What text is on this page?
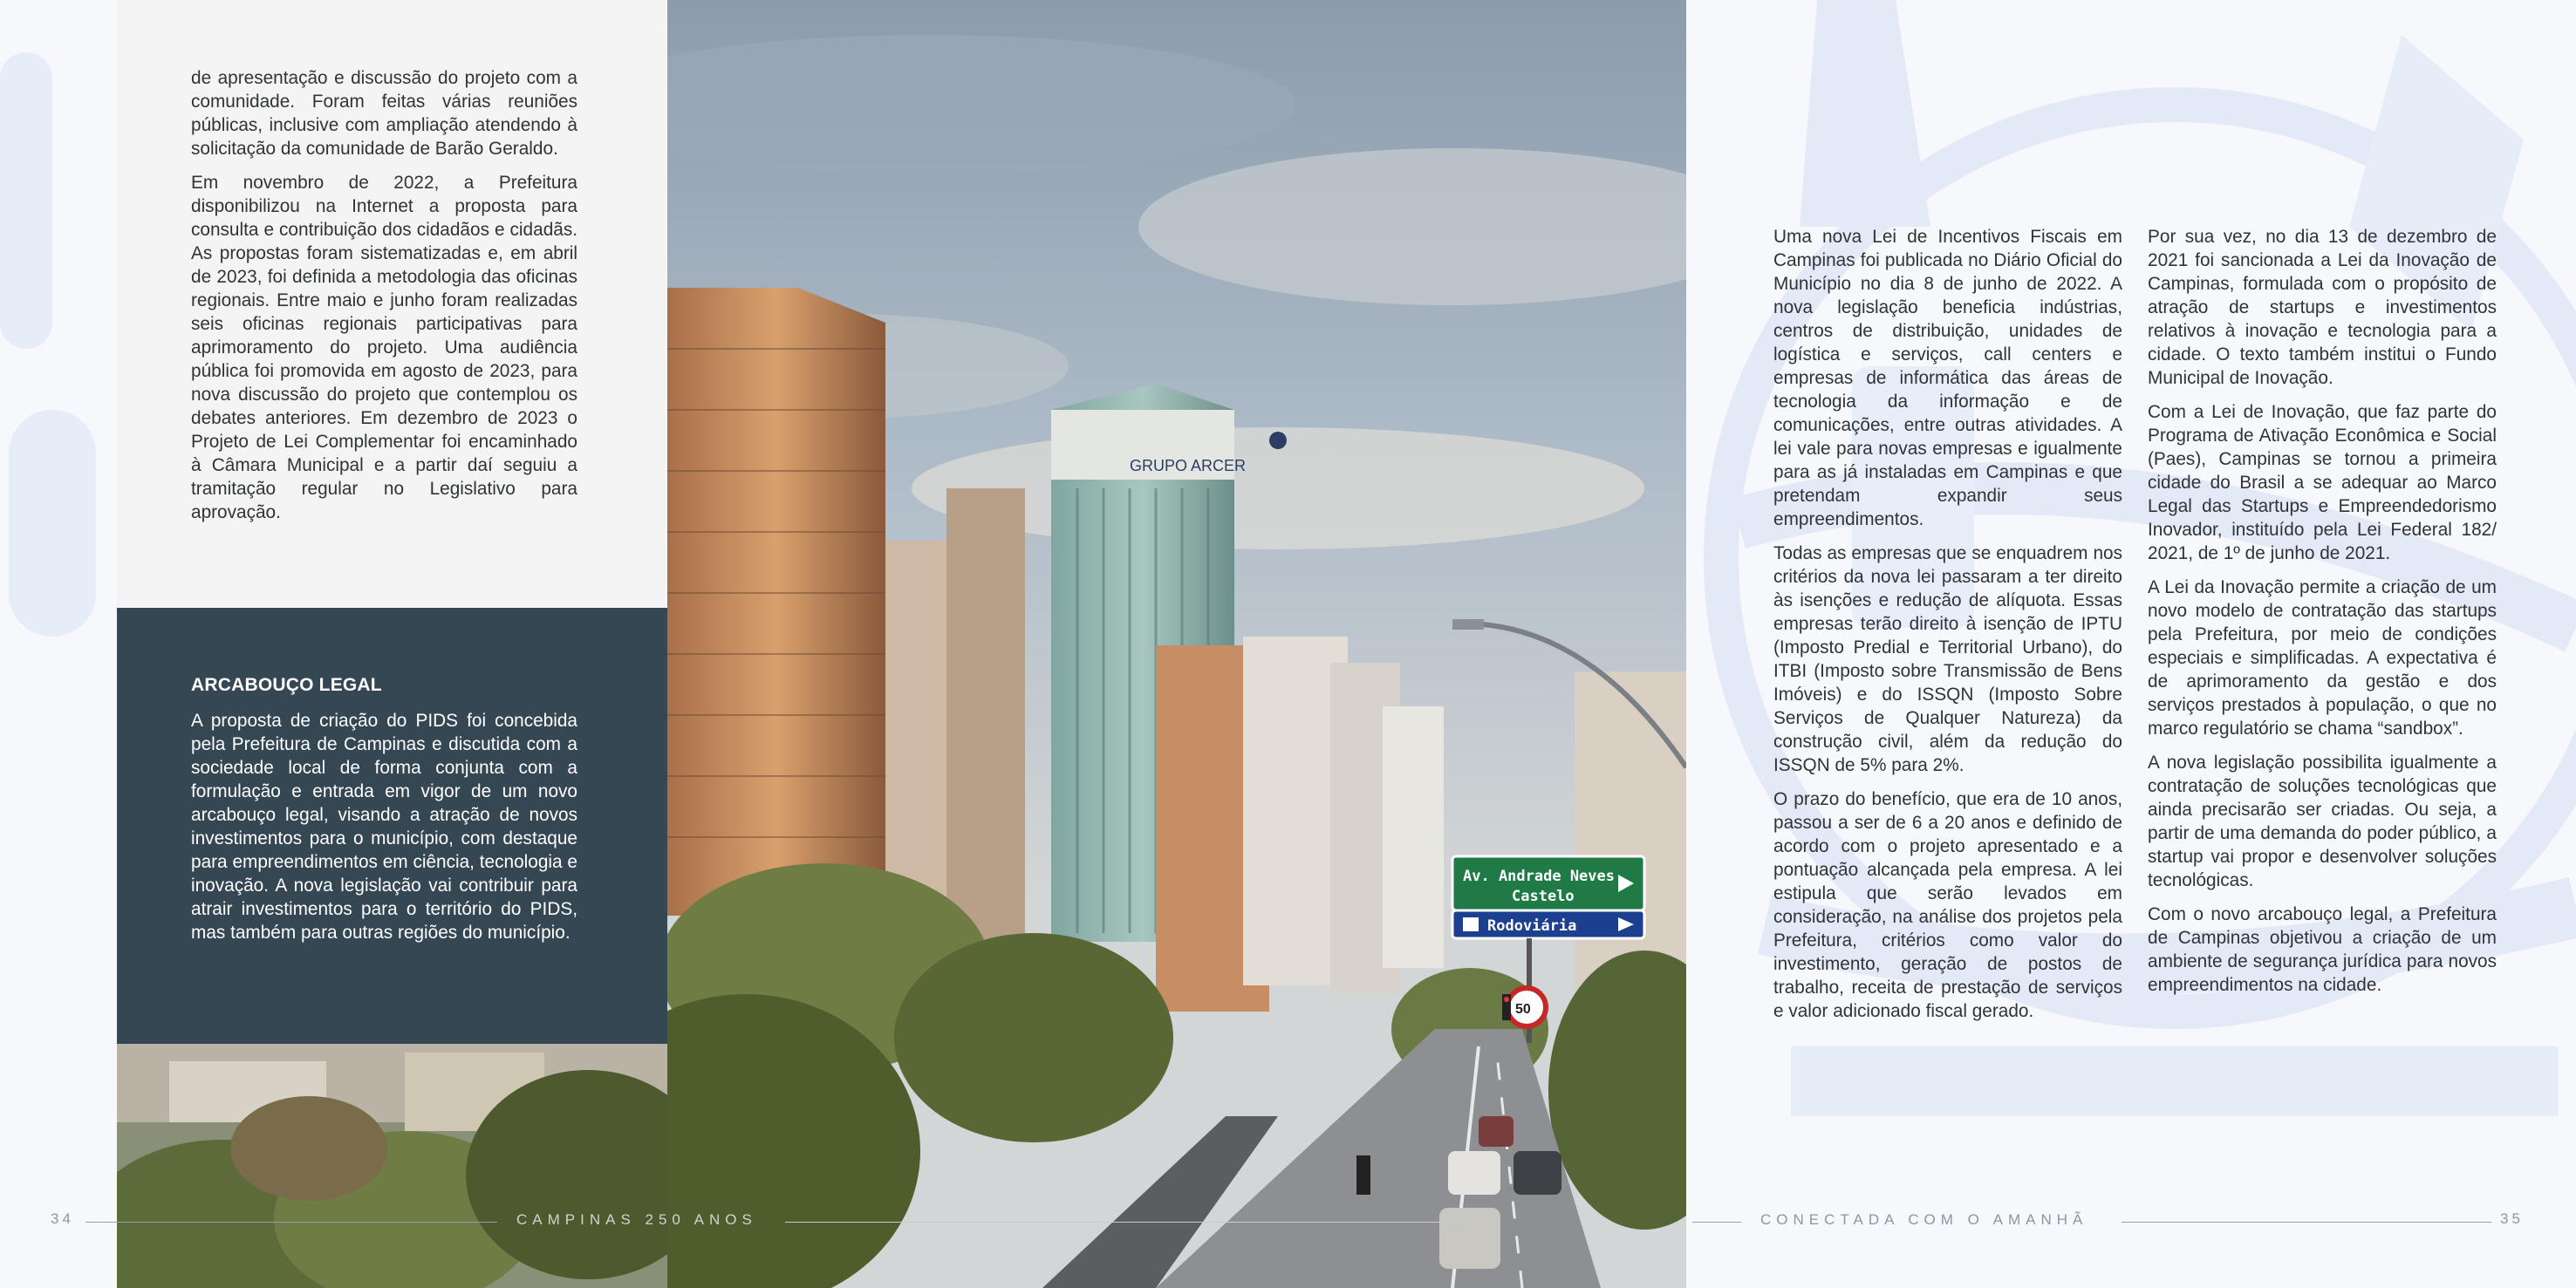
de apresentação e discussão do projeto com a comunidade. Foram feitas várias reuniões públicas, inclusive com ampliação atendendo à solicitação da comunidade de Barão Geraldo.

Em novembro de 2022, a Prefeitura disponibilizou na Internet a proposta para consulta e contribuição dos cidadãos e cidadãs. As propostas foram sistematizadas e, em abril de 2023, foi definida a metodologia das oficinas regionais. Entre maio e junho foram realizadas seis oficinas regionais participativas para aprimoramento do projeto. Uma audiência pública foi promovida em agosto de 2023, para nova discussão do projeto que contemplou os debates anteriores. Em dezembro de 2023 o Projeto de Lei Complementar foi encaminhado à Câmara Municipal e a partir daí seguiu a tramitação regular no Legislativo para aprovação.

ARCABOUÇO LEGAL
A proposta de criação do PIDS foi concebida pela Prefeitura de Campinas e discutida com a sociedade local de forma conjunta com a formulação e entrada em vigor de um novo arcabouço legal, visando a atração de novos investimentos para o município, com destaque para empreendimentos em ciência, tecnologia e inovação. A nova legislação vai contribuir para atrair investimentos para o território do PIDS, mas também para outras regiões do município.
GRUPO ARCER
Av. Andrade Neves
Castelo
Rodoviária
50

Uma nova Lei de Incentivos Fiscais em Campinas foi publicada no Diário Oficial do Município no dia 8 de junho de 2022. A nova legislação beneficia indústrias, centros de distribuição, unidades de logística e serviços, call centers e empresas de informática das áreas de tecnologia da informação e de comunicações, entre outras atividades. A lei vale para novas empresas e igualmente para as já instaladas em Campinas e que pretendam expandir seus empreendimentos.

Todas as empresas que se enquadrem nos critérios da nova lei passaram a ter direito às isenções e redução de alíquota. Essas empresas terão direito à isenção de IPTU (Imposto Predial e Territorial Urbano), do ITBI (Imposto sobre Transmissão de Bens Imóveis) e do ISSQN (Imposto Sobre Serviços de Qualquer Natureza) da construção civil, além da redução do ISSQN de 5% para 2%.

O prazo do benefício, que era de 10 anos, passou a ser de 6 a 20 anos e definido de acordo com o projeto apresentado e a pontuação alcançada pela empresa. A lei estipula que serão levados em consideração, na análise dos projetos pela Prefeitura, critérios como valor do investimento, geração de postos de trabalho, receita de prestação de serviços e valor adicionado fiscal gerado.

Por sua vez, no dia 13 de dezembro de 2021 foi sancionada a Lei da Inovação de Campinas, formulada com o propósito de atração de startups e investimentos relativos à inovação e tecnologia para a cidade. O texto também institui o Fundo Municipal de Inovação.

Com a Lei de Inovação, que faz parte do Programa de Ativação Econômica e Social (Paes), Campinas se tornou a primeira cidade do Brasil a se adequar ao Marco Legal das Startups e Empreendedorismo Inovador, instituído pela Lei Federal 182/ 2021, de 1º de junho de 2021.

A Lei da Inovação permite a criação de um novo modelo de contratação das startups pela Prefeitura, por meio de condições especiais e simplificadas. A expectativa é de aprimoramento da gestão e dos serviços prestados à população, o que no marco regulatório se chama “sandbox”.

A nova legislação possibilita igualmente a contratação de soluções tecnológicas que ainda precisarão ser criadas. Ou seja, a partir de uma demanda do poder público, a startup vai propor e desenvolver soluções tecnológicas.

Com o novo arcabouço legal, a Prefeitura de Campinas objetivou a criação de um ambiente de segurança jurídica para novos empreendimentos na cidade.

34	CAMPINAS 250 ANOS	CONECTADA COM O AMANHÃ	35
